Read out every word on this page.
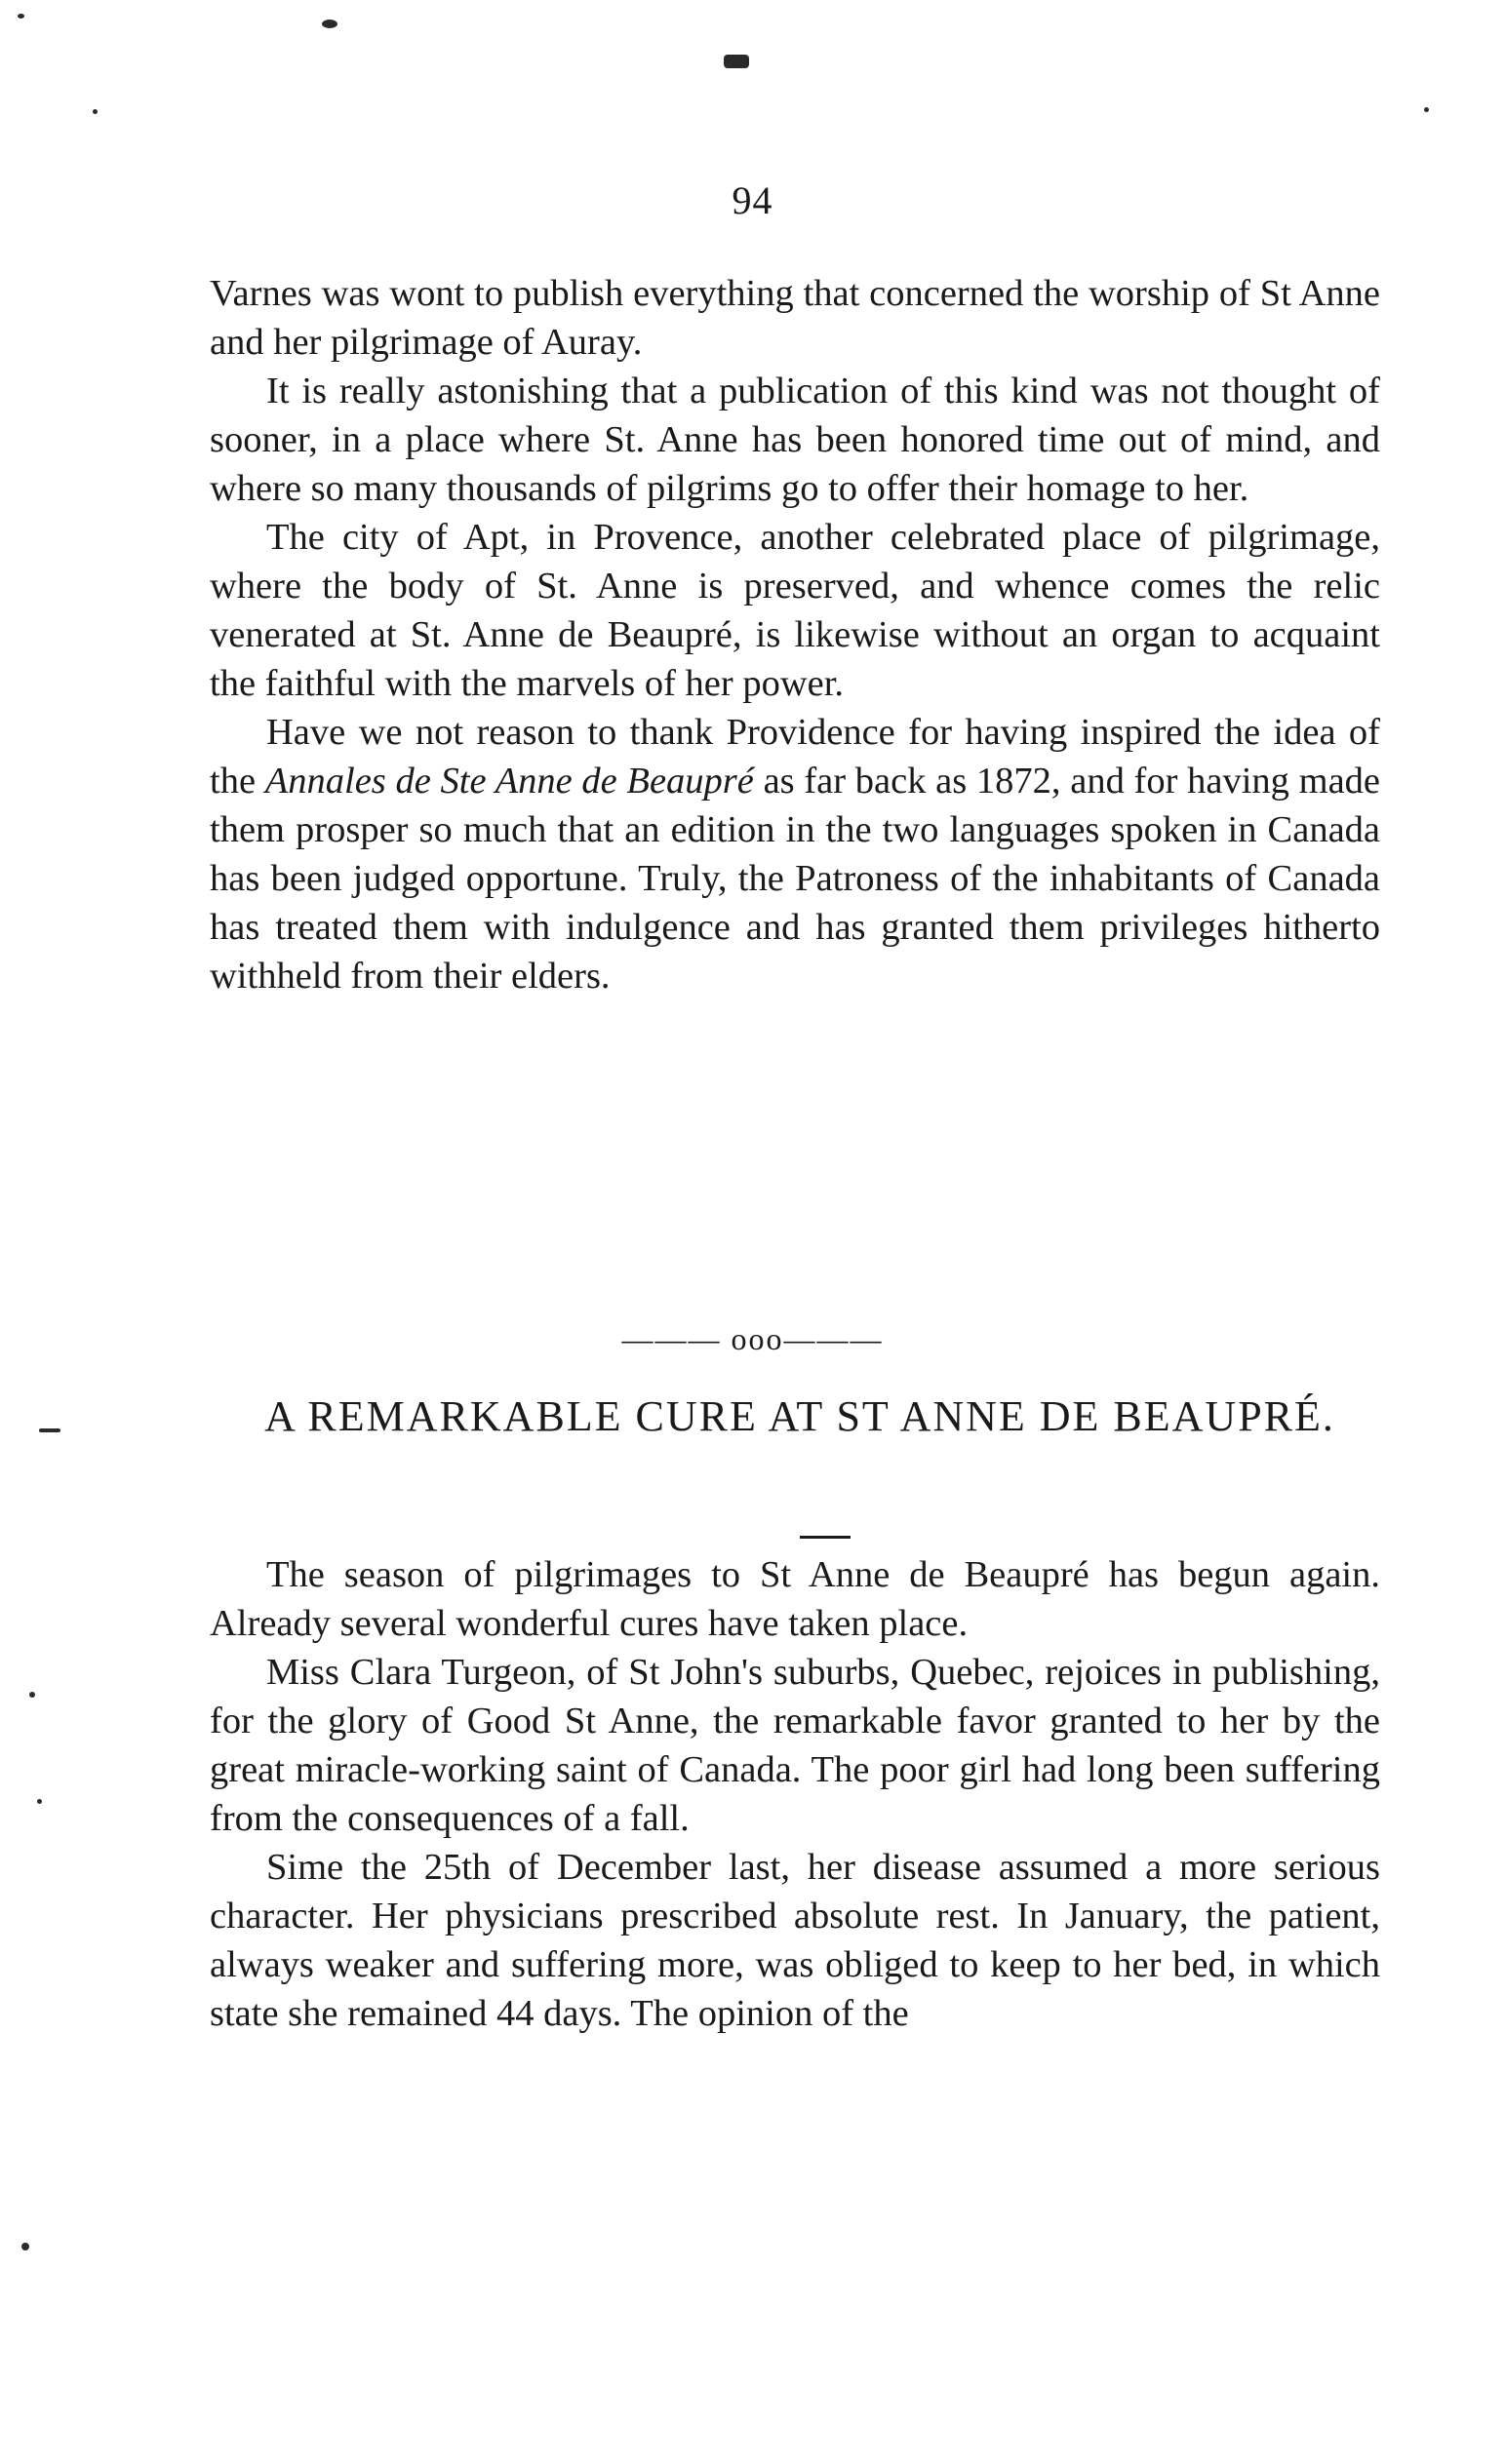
94

Varnes was wont to publish everything that concerned the worship of St Anne and her pilgrimage of Auray.

It is really astonishing that a publication of this kind was not thought of sooner, in a place where St. Anne has been honored time out of mind, and where so many thousands of pilgrims go to offer their homage to her.

The city of Apt, in Provence, another celebrated place of pilgrimage, where the body of St. Anne is preserved, and whence comes the relic venerated at St. Anne de Beaupré, is likewise without an organ to acquaint the faithful with the marvels of her power.

Have we not reason to thank Providence for having inspired the idea of the Annales de Ste Anne de Beaupré as far back as 1872, and for having made them prosper so much that an edition in the two languages spoken in Canada has been judged opportune. Truly, the Patroness of the inhabitants of Canada has treated them with indulgence and has granted them privileges hitherto withheld from their elders.

——— ooo———
A REMARKABLE CURE AT ST ANNE DE BEAUPRÉ.

The season of pilgrimages to St Anne de Beaupré has begun again. Already several wonderful cures have taken place.

Miss Clara Turgeon, of St John's suburbs, Quebec, rejoices in publishing, for the glory of Good St Anne, the remarkable favor granted to her by the great miracle-working saint of Canada. The poor girl had long been suffering from the consequences of a fall.

Sime the 25th of December last, her disease assumed a more serious character. Her physicians prescribed absolute rest. In January, the patient, always weaker and suffering more, was obliged to keep to her bed, in which state she remained 44 days. The opinion of the
